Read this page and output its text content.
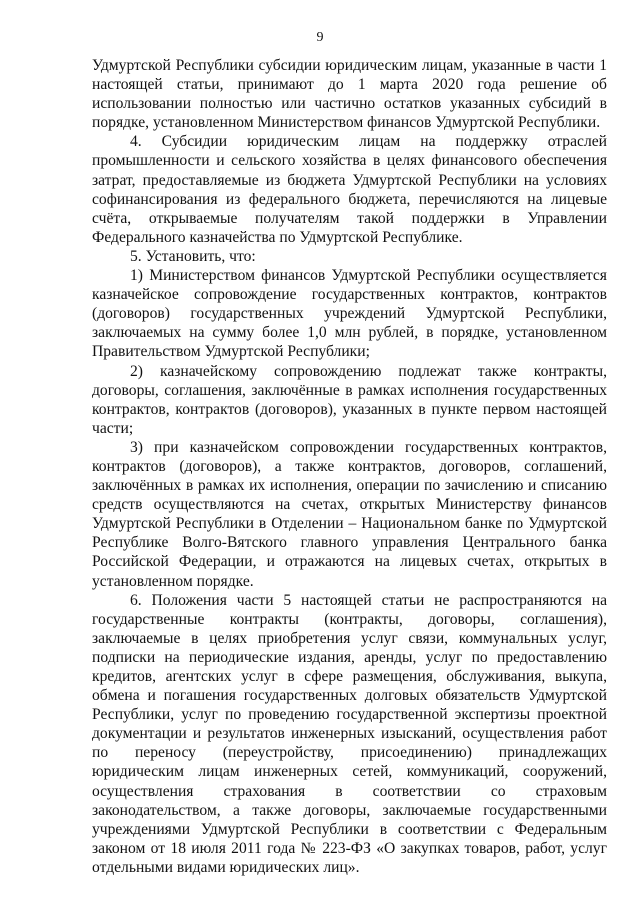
9

Удмуртской Республики субсидии юридическим лицам, указанные в части 1 настоящей статьи, принимают до 1 марта 2020 года решение об использовании полностью или частично остатков указанных субсидий в порядке, установленном Министерством финансов Удмуртской Республики.

4. Субсидии юридическим лицам на поддержку отраслей промышленности и сельского хозяйства в целях финансового обеспечения затрат, предоставляемые из бюджета Удмуртской Республики на условиях софинансирования из федерального бюджета, перечисляются на лицевые счёта, открываемые получателям такой поддержки в Управлении Федерального казначейства по Удмуртской Республике.

5. Установить, что:

1) Министерством финансов Удмуртской Республики осуществляется казначейское сопровождение государственных контрактов, контрактов (договоров) государственных учреждений Удмуртской Республики, заключаемых на сумму более 1,0 млн рублей, в порядке, установленном Правительством Удмуртской Республики;

2) казначейскому сопровождению подлежат также контракты, договоры, соглашения, заключённые в рамках исполнения государственных контрактов, контрактов (договоров), указанных в пункте первом настоящей части;

3) при казначейском сопровождении государственных контрактов, контрактов (договоров), а также контрактов, договоров, соглашений, заключённых в рамках их исполнения, операции по зачислению и списанию средств осуществляются на счетах, открытых Министерству финансов Удмуртской Республики в Отделении – Национальном банке по Удмуртской Республике Волго-Вятского главного управления Центрального банка Российской Федерации, и отражаются на лицевых счетах, открытых в установленном порядке.

6. Положения части 5 настоящей статьи не распространяются на государственные контракты (контракты, договоры, соглашения), заключаемые в целях приобретения услуг связи, коммунальных услуг, подписки на периодические издания, аренды, услуг по предоставлению кредитов, агентских услуг в сфере размещения, обслуживания, выкупа, обмена и погашения государственных долговых обязательств Удмуртской Республики, услуг по проведению государственной экспертизы проектной документации и результатов инженерных изысканий, осуществления работ по переносу (переустройству, присоединению) принадлежащих юридическим лицам инженерных сетей, коммуникаций, сооружений, осуществления страхования в соответствии со страховым законодательством, а также договоры, заключаемые государственными учреждениями Удмуртской Республики в соответствии с Федеральным законом от 18 июля 2011 года № 223-ФЗ «О закупках товаров, работ, услуг отдельными видами юридических лиц».
